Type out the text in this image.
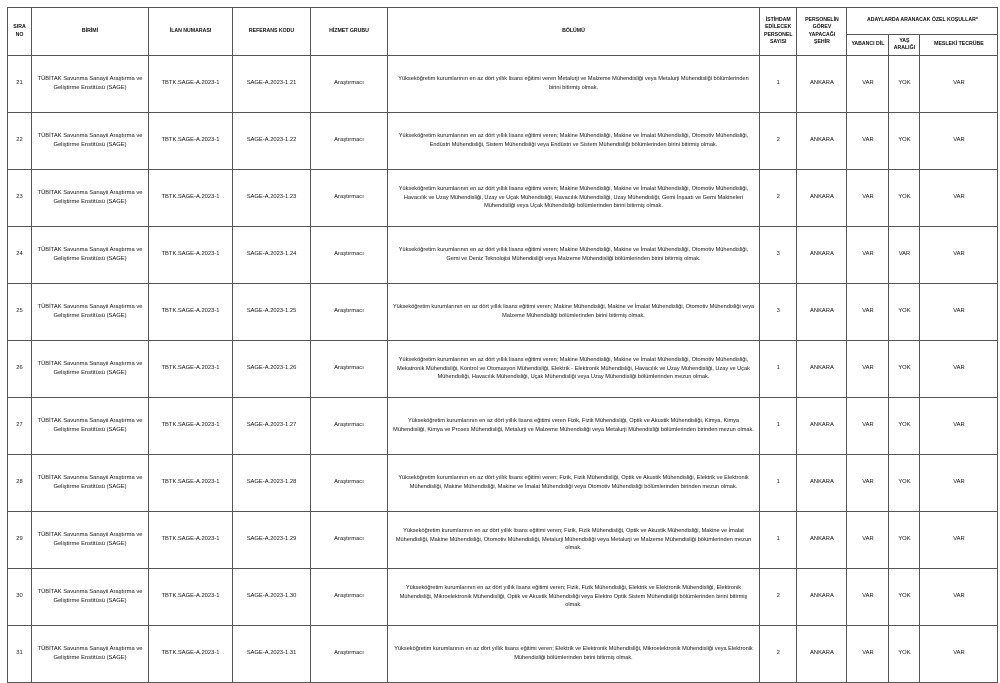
SIRA NO	BİRİMİ	İLAN NUMARASI	REFERANS KODU	HİZMET GRUBU	BÖLÜMÜ	İSTİHDAM EDİLECEK PERSONEL SAYISI	PERSONELİN GÖREV YAPACAĞI ŞEHİR	ADAYLARDA ARANACAK ÖZEL KOŞULLAR*		
								YABANCI DİL	YAŞ ARALIĞI	MESLEKİ TECRÜBE
21	TÜBİTAK Savunma Sanayii Araştırma ve Geliştirme Enstitüsü (SAGE)	TBTK.SAGE-A.2023-1	SAGE-A.2023-1.21	Araştırmacı	Yükseköğretim kurumlarının en az dört yıllık lisans eğitimi veren Metalurji ve Malzeme Mühendisliği veya Metalurji Mühendisliği bölümlerinden birini bitirmiş olmak.	1	ANKARA	VAR	YOK	VAR
22	TÜBİTAK Savunma Sanayii Araştırma ve Geliştirme Enstitüsü (SAGE)	TBTK.SAGE-A.2023-1	SAGE-A.2023-1.22	Araştırmacı	Yükseköğretim kurumlarının en az dört yıllık lisans eğitimi veren; Makine Mühendisliği, Makine ve İmalat Mühendisliği, Otomotiv Mühendisliği, Endüstri Mühendisliği, Sistem Mühendisliği veya Endüstri ve Sistem Mühendisliği bölümlerinden birini bitirmiş olmak.	2	ANKARA	VAR	YOK	VAR
23	TÜBİTAK Savunma Sanayii Araştırma ve Geliştirme Enstitüsü (SAGE)	TBTK.SAGE-A.2023-1	SAGE-A.2023-1.23	Araştırmacı	Yükseköğretim kurumlarının en az dört yıllık lisans eğitimi veren; Makine Mühendisliği, Makine ve İmalat Mühendisliği, Otomotiv Mühendisliği, Havacılık ve Uzay Mühendisliği, Uzay ve Uçak Mühendisliği, Havacılık Mühendisliği, Uzay Mühendisliği, Gemi İnşaatı ve Gemi Makineleri Mühendisliği veya Uçak Mühendisliği bölümlerinden birini bitirmiş olmak.	2	ANKARA	VAR	YOK	VAR
24	TÜBİTAK Savunma Sanayii Araştırma ve Geliştirme Enstitüsü (SAGE)	TBTK.SAGE-A.2023-1	SAGE-A.2023-1.24	Araştırmacı	Yükseköğretim kurumlarının en az dört yıllık lisans eğitimi veren; Makine Mühendisliği, Makine ve İmalat Mühendisliği, Otomotiv Mühendisliği, Gemi ve Deniz Teknolojisi Mühendisliği veya Malzeme Mühendisliği bölümlerinden birini bitirmiş olmak.	3	ANKARA	VAR	VAR	VAR
25	TÜBİTAK Savunma Sanayii Araştırma ve Geliştirme Enstitüsü (SAGE)	TBTK.SAGE-A.2023-1	SAGE-A.2023-1.25	Araştırmacı	Yükseköğretim kurumlarının en az dört yıllık lisans eğitimi veren; Makine Mühendisliği, Makine ve İmalat Mühendisliği, Otomotiv Mühendisliği veya Malzeme Mühendisliği bölümlerinden birini bitirmiş olmak.	3	ANKARA	VAR	YOK	VAR
26	TÜBİTAK Savunma Sanayii Araştırma ve Geliştirme Enstitüsü (SAGE)	TBTK.SAGE-A.2023-1	SAGE-A.2023-1.26	Araştırmacı	Yükseköğretim kurumlarının en az dört yıllık lisans eğitimi veren; Makine Mühendisliği, Makine ve İmalat Mühendisliği, Otomotiv Mühendisliği, Mekatronik Mühendisliği, Kontrol ve Otomasyon Mühendisliği, Elektrik - Elektronik Mühendisliği, Havacılık ve Uzay Mühendisliği, Uzay ve Uçak Mühendisliği, Havacılık Mühendisliği, Uçak Mühendisliği veya Uzay Mühendisliği bölümlerinden mezun olmak.	1	ANKARA	VAR	YOK	VAR
27	TÜBİTAK Savunma Sanayii Araştırma ve Geliştirme Enstitüsü (SAGE)	TBTK.SAGE-A.2023-1	SAGE-A.2023-1.27	Araştırmacı	Yükseköğretim kurumlarının en az dört yıllık lisans eğitimi veren Fizik, Fizik Mühendisliği, Optik ve Akustik Mühendisliği, Kimya, Kimya Mühendisliği, Kimya ve Proses Mühendisliği, Metalurji ve Malzeme Mühendisliği veya Metalurji Mühendisliği bölümlerinden birinden mezun olmak.	1	ANKARA	VAR	YOK	VAR
28	TÜBİTAK Savunma Sanayii Araştırma ve Geliştirme Enstitüsü (SAGE)	TBTK.SAGE-A.2023-1	SAGE-A.2023-1.28	Araştırmacı	Yükseköğretim kurumlarının en az dört yıllık lisans eğitimi veren; Fizik, Fizik Mühendisliği, Optik ve Akustik Mühendisliği, Elektrik ve Elektronik Mühendisliği, Makine Mühendisliği, Makine ve İmalat Mühendisliği veya Otomotiv Mühendisliği bölümlerinden birinden mezun olmak.	1	ANKARA	VAR	YOK	VAR
29	TÜBİTAK Savunma Sanayii Araştırma ve Geliştirme Enstitüsü (SAGE)	TBTK.SAGE-A.2023-1	SAGE-A.2023-1.29	Araştırmacı	Yükseköğretim kurumlarının en az dört yıllık lisans eğitimi veren; Fizik, Fizik Mühendisliği, Optik ve Akustik Mühendisliği, Makine ve İmalat Mühendisliği, Makine Mühendisliği, Otomotiv Mühendisliği, Metalurji Mühendisliği veya Metalurji ve Malzeme Mühendisliği bölümlerinden mezun olmak.	1	ANKARA	VAR	YOK	VAR
30	TÜBİTAK Savunma Sanayii Araştırma ve Geliştirme Enstitüsü (SAGE)	TBTK.SAGE-A.2023-1	SAGE-A.2023-1.30	Araştırmacı	Yükseköğretim kurumlarının en az dört yıllık lisans eğitimi veren; Fizik, Fizik Mühendisliği, Elektrik ve Elektronik Mühendisliği, Elektronik Mühendisliği, Mikroelektronik Mühendisliği, Optik ve Akustik Mühendisliği veya Elektro Optik Sistem Mühendisliği bölümlerinden birini bitirmiş olmak.	2	ANKARA	VAR	YOK	VAR
31	TÜBİTAK Savunma Sanayii Araştırma ve Geliştirme Enstitüsü (SAGE)	TBTK.SAGE-A.2023-1	SAGE-A.2023-1.31	Araştırmacı	Yükseköğretim kurumlarının en az dört yıllık lisans eğitimi veren; Elektrik ve Elektronik Mühendisliği, Mikroelektronik Mühendisliği veya Elektronik Mühendisliği bölümlerinden birini bitirmiş olmak.	2	ANKARA	VAR	YOK	VAR
